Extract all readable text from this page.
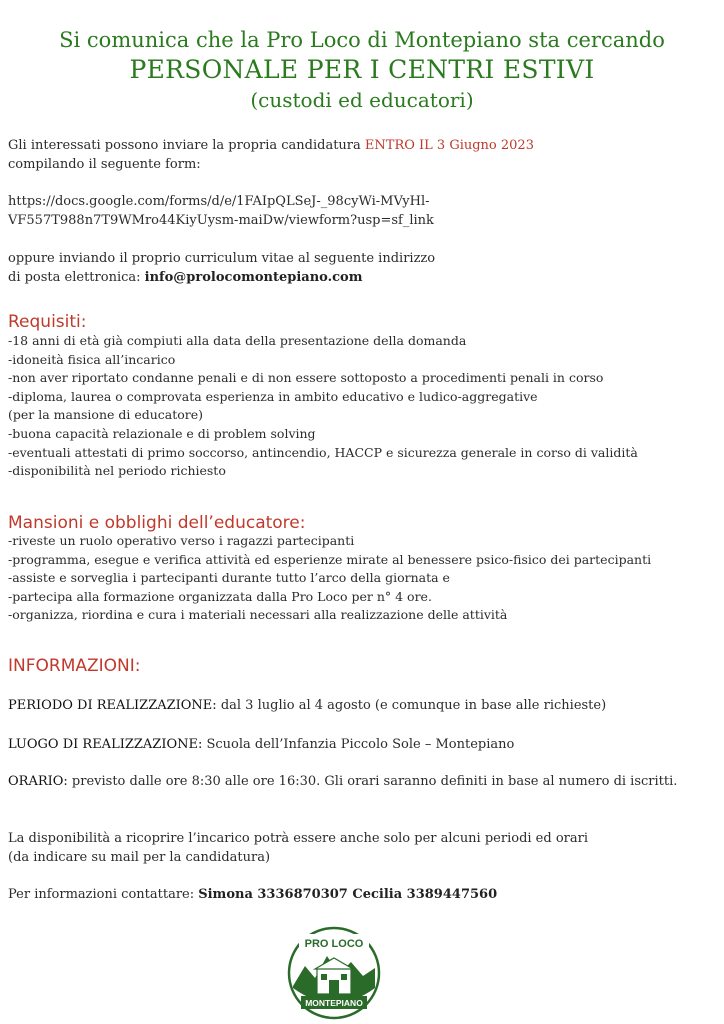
Si comunica che la Pro Loco di Montepiano sta cercando
PERSONALE PER I CENTRI ESTIVI
(custodi ed educatori)
Gli interessati possono inviare la propria candidatura ENTRO IL 3 Giugno 2023
compilando il seguente form:
https://docs.google.com/forms/d/e/1FAIpQLSeJ-_98cyWi-MVyHl-
VF557T988n7T9WMro44KiyUysm-maiDw/viewform?usp=sf_link
oppure inviando il proprio curriculum vitae al seguente indirizzo
di posta elettronica: info@prolocomontepiano.com
Requisiti:
-18 anni di età già compiuti alla data della presentazione della domanda
-idoneità fisica all’incarico
-non aver riportato condanne penali e di non essere sottoposto a procedimenti penali in corso
-diploma, laurea o comprovata esperienza in ambito educativo e ludico-aggregative
(per la mansione di educatore)
-buona capacità relazionale e di problem solving
-eventuali attestati di primo soccorso, antincendio, HACCP e sicurezza generale in corso di validità
-disponibilità nel periodo richiesto
Mansioni e obblighi dell’educatore:
-riveste un ruolo operativo verso i ragazzi partecipanti
-programma, esegue e verifica attività ed esperienze mirate al benessere psico-fisico dei partecipanti
-assiste e sorveglia i partecipanti durante tutto l’arco della giornata e
-partecipa alla formazione organizzata dalla Pro Loco per n° 4 ore.
-organizza, riordina e cura i materiali necessari alla realizzazione delle attività
INFORMAZIONI:
PERIODO DI REALIZZAZIONE: dal 3 luglio al 4 agosto (e comunque in base alle richieste)
LUOGO DI REALIZZAZIONE: Scuola dell’Infanzia Piccolo Sole – Montepiano
ORARIO: previsto dalle ore 8:30 alle ore 16:30. Gli orari saranno definiti in base al numero di iscritti.
La disponibilità a ricoprire l’incarico potrà essere anche solo per alcuni periodi ed orari
(da indicare su mail per la candidatura)
Per informazioni contattare: Simona 3336870307 Cecilia 3389447560
PRO LOCO
MONTEPIANO
